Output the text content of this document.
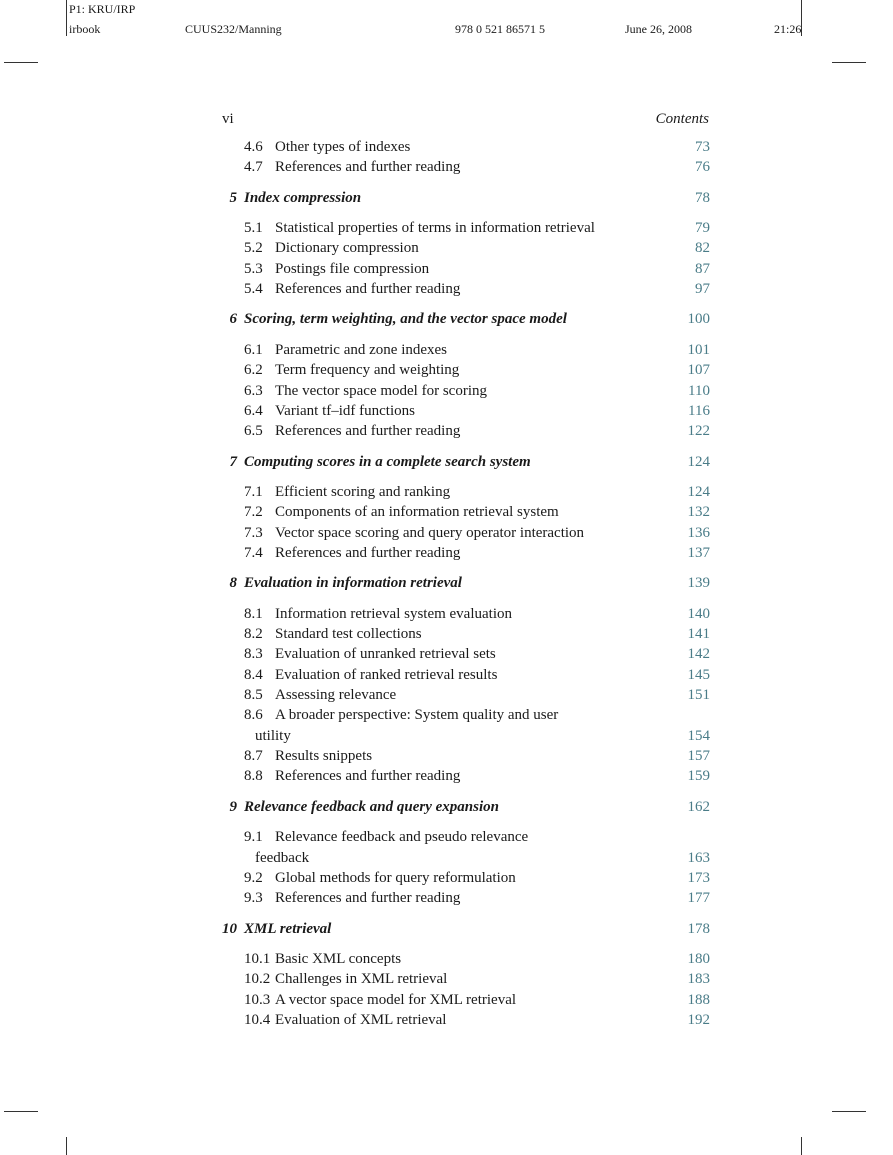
P1: KRU/IRP
irbook	CUUS232/Manning	978 0 521 86571 5	June 26, 2008	21:26
vi	Contents
4.6 Other types of indexes	73
4.7 References and further reading	76
5 Index compression	78
5.1 Statistical properties of terms in information retrieval	79
5.2 Dictionary compression	82
5.3 Postings file compression	87
5.4 References and further reading	97
6 Scoring, term weighting, and the vector space model	100
6.1 Parametric and zone indexes	101
6.2 Term frequency and weighting	107
6.3 The vector space model for scoring	110
6.4 Variant tf–idf functions	116
6.5 References and further reading	122
7 Computing scores in a complete search system	124
7.1 Efficient scoring and ranking	124
7.2 Components of an information retrieval system	132
7.3 Vector space scoring and query operator interaction	136
7.4 References and further reading	137
8 Evaluation in information retrieval	139
8.1 Information retrieval system evaluation	140
8.2 Standard test collections	141
8.3 Evaluation of unranked retrieval sets	142
8.4 Evaluation of ranked retrieval results	145
8.5 Assessing relevance	151
8.6 A broader perspective: System quality and user
utility	154
8.7 Results snippets	157
8.8 References and further reading	159
9 Relevance feedback and query expansion	162
9.1 Relevance feedback and pseudo relevance
feedback	163
9.2 Global methods for query reformulation	173
9.3 References and further reading	177
10 XML retrieval	178
10.1 Basic XML concepts	180
10.2 Challenges in XML retrieval	183
10.3 A vector space model for XML retrieval	188
10.4 Evaluation of XML retrieval	192
